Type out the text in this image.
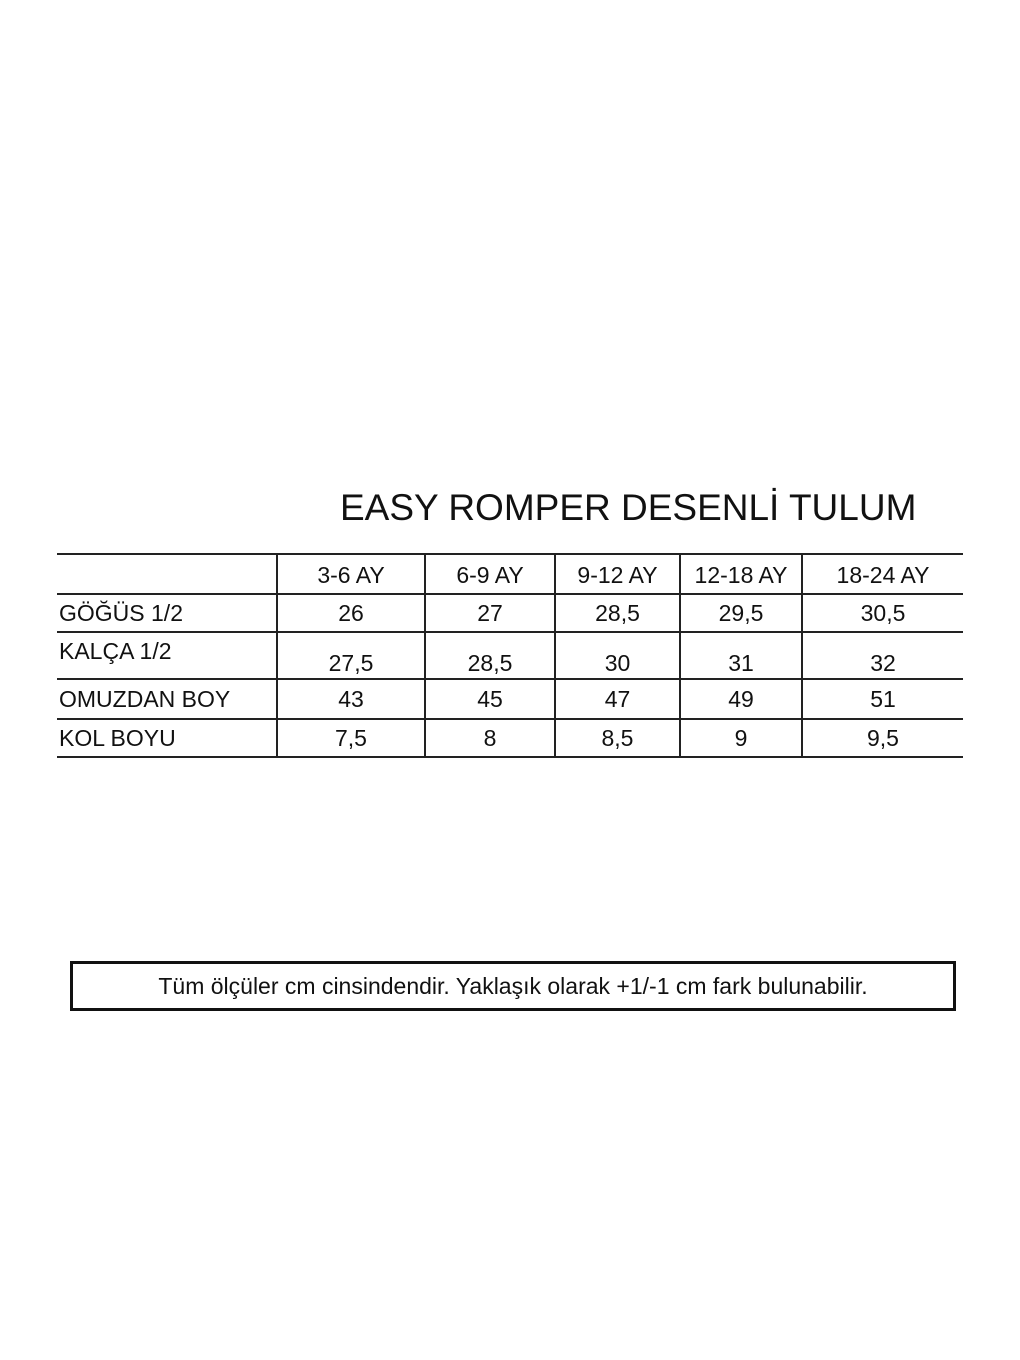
EASY ROMPER DESENLİ TULUM
	3-6 AY	6-9 AY	9-12 AY	12-18 AY	18-24 AY
GÖĞÜS 1/2	26	27	28,5	29,5	30,5
KALÇA 1/2	27,5	28,5	30	31	32
OMUZDAN BOY	43	45	47	49	51
KOL BOYU	7,5	8	8,5	9	9,5
Tüm ölçüler cm cinsindendir. Yaklaşık olarak +1/-1 cm fark bulunabilir.
